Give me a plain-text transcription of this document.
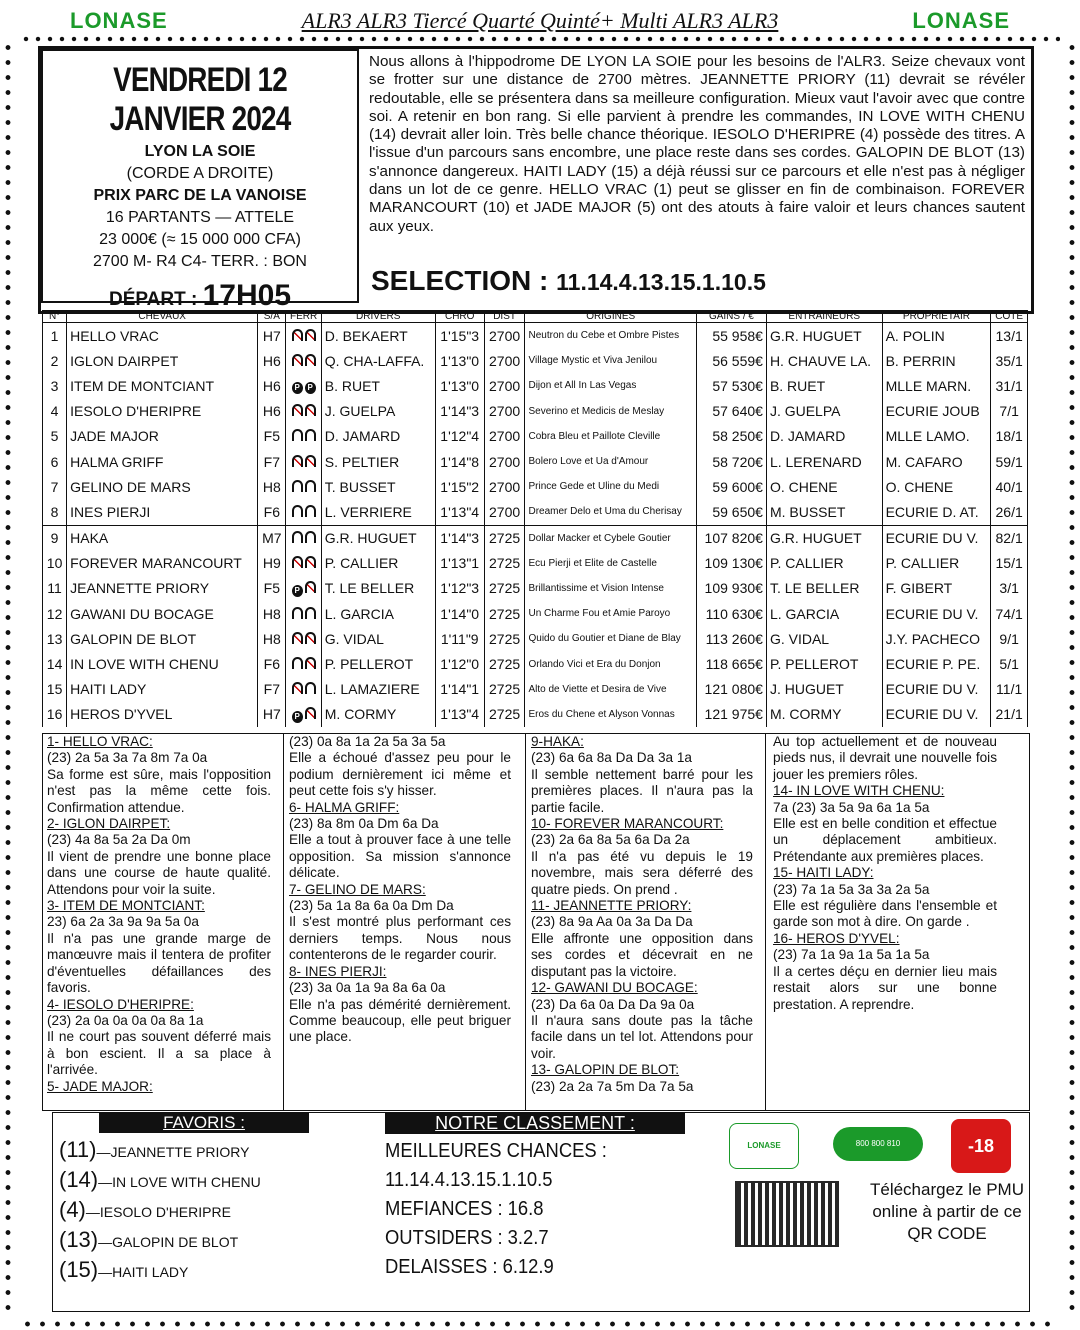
LONASE	ALR3 ALR3 Tiercé Quarté Quinté+ Multi ALR3 ALR3	LONASE
VENDREDI 12 JANVIER 2024
LYON LA SOIE
(CORDE A DROITE)
PRIX PARC DE LA VANOISE
16 PARTANTS — ATTELE
23 000€ (≈ 15 000 000 CFA)
2700 M- R4 C4- TERR. : BON
DÉPART : 17H05
Nous allons à l'hippodrome DE LYON LA SOIE pour les besoins de l'ALR3. Seize chevaux vont se frotter sur une distance de 2700 mètres. JEANNETTE PRIORY (11) devrait se révéler redoutable, elle se présentera dans sa meilleure configuration. Mieux vaut l'avoir avec que contre soi. A retenir en bon rang. Si elle parvient à prendre les commandes, IN LOVE WITH CHENU (14) devrait aller loin. Très belle chance théorique. IESOLO D'HERIPRE (4) possède des titres. A l'issue d'un parcours sans encombre, une place reste dans ses cordes. GALOPIN DE BLOT (13) s'annonce dangereux. HAITI LADY (15) a déjà réussi sur ce parcours et elle n'est pas à négliger dans un lot de ce genre. HELLO VRAC (1) peut se glisser en fin de combinaison. FOREVER MARANCOURT (10) et JADE MAJOR (5) ont des atouts à faire valoir et leurs chances sautent aux yeux.
SELECTION : 11.14.4.13.15.1.10.5
N°	CHEVAUX	S/A	FERR	DRIVERS	CHRO	DIST	ORIGINES	GAINS / €	ENTRAINEURS	PROPRIETAIR	COTE
1	HELLO VRAC	H7		D. BEKAERT	1'15"3	2700	Neutron du Cebe et Ombre Pistes	55 958€	G.R. HUGUET	A. POLIN	13/1
2	IGLON DAIRPET	H6		Q. CHA-LAFFA.	1'13"0	2700	Village Mystic et Viva Jenilou	56 559€	H. CHAUVE LA.	B. PERRIN	35/1
3	ITEM DE MONTCIANT	H6	PP	B. RUET	1'13"0	2700	Dijon et All In Las Vegas	57 530€	B. RUET	MLLE MARN.	31/1
4	IESOLO D'HERIPRE	H6		J. GUELPA	1'14"3	2700	Severino et Medicis de Meslay	57 640€	J. GUELPA	ECURIE JOUB	7/1
5	JADE MAJOR	F5		D. JAMARD	1'12"4	2700	Cobra Bleu et Paillote Cleville	58 250€	D. JAMARD	MLLE LAMO.	18/1
6	HALMA GRIFF	F7		S. PELTIER	1'14"8	2700	Bolero Love et Ua d'Amour	58 720€	L. LERENARD	M. CAFARO	59/1
7	GELINO DE MARS	H8		T. BUSSET	1'15"2	2700	Prince Gede et Uline du Medi	59 600€	O. CHENE	O. CHENE	40/1
8	INES PIERJI	F6		L. VERRIERE	1'13"4	2700	Dreamer Delo et Uma du Cherisay	59 650€	M. BUSSET	ECURIE D. AT.	26/1
9	HAKA	M7		G.R. HUGUET	1'14"3	2725	Dollar Macker et Cybele Goutier	107 820€	G.R. HUGUET	ECURIE DU V.	82/1
10	FOREVER MARANCOURT	H9		P. CALLIER	1'13"1	2725	Ecu Pierji et Elite de Castelle	109 130€	P. CALLIER	P. CALLIER	15/1
11	JEANNETTE PRIORY	F5	P	T. LE BELLER	1'12"3	2725	Brillantissime et Vision Intense	109 930€	T. LE BELLER	F. GIBERT	3/1
12	GAWANI DU BOCAGE	H8		L. GARCIA	1'14"0	2725	Un Charme Fou et Amie Paroyo	110 630€	L. GARCIA	ECURIE DU V.	74/1
13	GALOPIN DE BLOT	H8		G. VIDAL	1'11"9	2725	Quido du Goutier et Diane de Blay	113 260€	G. VIDAL	J.Y. PACHECO	9/1
14	IN LOVE WITH CHENU	F6		P. PELLEROT	1'12"0	2725	Orlando Vici et Era du Donjon	118 665€	P. PELLEROT	ECURIE P. PE.	5/1
15	HAITI LADY	F7		L. LAMAZIERE	1'14"1	2725	Alto de Viette et Desira de Vive	121 080€	J. HUGUET	ECURIE DU V.	11/1
16	HEROS D'YVEL	H7	P	M. CORMY	1'13"4	2725	Eros du Chene et Alyson Vonnas	121 975€	M. CORMY	ECURIE DU V.	21/1
1- HELLO VRAC:
(23) 2a 5a 3a 7a 8m 7a 0a
Sa forme est sûre, mais l'opposition n'est pas la même cette fois. Confirmation attendue.
2- IGLON DAIRPET:
(23) 4a 8a 5a 2a Da 0m
Il vient de prendre une bonne place dans une course de haute qualité. Attendons pour voir la suite.
3- ITEM DE MONTCIANT:
23) 6a 2a 3a 9a 9a 5a 0a
Il n'a pas une grande marge de manœuvre mais il tentera de profiter d'éventuelles défaillances des favoris.
4- IESOLO D'HERIPRE:
(23) 2a 0a 0a 0a 0a 8a 1a
Il ne court pas souvent déferré mais à bon escient. Il a sa place à l'arrivée.
5- JADE MAJOR:
(23) 0a 8a 1a 2a 5a 3a 5a
Elle a échoué d'assez peu pour le podium dernièrement ici même et peut cette fois s'y hisser.
6- HALMA GRIFF:
(23) 8a 8m 0a Dm 6a Da
Elle a tout à prouver face à une telle opposition. Sa mission s'annonce délicate.
7- GELINO DE MARS:
(23) 5a 1a 8a 6a 0a Dm Da
Il s'est montré plus performant ces derniers temps. Nous nous contenterons de le regarder courir.
8- INES PIERJI:
(23) 3a 0a 1a 9a 8a 6a 0a
Elle n'a pas démérité dernièrement. Comme beaucoup, elle peut briguer une place.
9-HAKA:
(23) 6a 6a 8a Da Da 3a 1a
Il semble nettement barré pour les premières places. Il n'aura pas la partie facile.
10- FOREVER MARANCOURT:
(23) 2a 6a 8a 5a 6a Da 2a
Il n'a pas été vu depuis le 19 novembre, mais sera déferré des quatre pieds. On prend .
11- JEANNETTE PRIORY:
(23) 8a 9a Aa 0a 3a Da Da
Elle affronte une opposition dans ses cordes et décevrait en ne disputant pas la victoire.
12- GAWANI DU BOCAGE:
(23) Da 6a 0a Da Da 9a 0a
Il n'aura sans doute pas la tâche facile dans un tel lot. Attendons pour voir.
13- GALOPIN DE BLOT:
(23) 2a 2a 7a 5m Da 7a 5a
Au top actuellement et de nouveau pieds nus, il devrait une nouvelle fois jouer les premiers rôles.
14- IN LOVE WITH CHENU:
7a (23) 3a 5a 9a 6a 1a 5a
Elle est en belle condition et effectue un déplacement ambitieux. Prétendante aux premières places.
15- HAITI LADY:
(23) 7a 1a 5a 3a 3a 2a 5a
Elle est régulière dans l'ensemble et garde son mot à dire. On garde .
16- HEROS D'YVEL:
(23) 7a 1a 9a 1a 5a 1a 5a
Il a certes déçu en dernier lieu mais restait alors sur une bonne prestation. A reprendre.
FAVORIS :
(11)—JEANNETTE PRIORY
(14)—IN LOVE WITH CHENU
(4)—IESOLO D'HERIPRE
(13)—GALOPIN DE BLOT
(15)—HAITI LADY
NOTRE CLASSEMENT :
MEILLEURES CHANCES :
11.14.4.13.15.1.10.5
MEFIANCES : 16.8
OUTSIDERS : 3.2.7
DELAISSES : 6.12.9
LONASE	800 800 810	-18
Téléchargez le PMU online à partir de ce QR CODE
